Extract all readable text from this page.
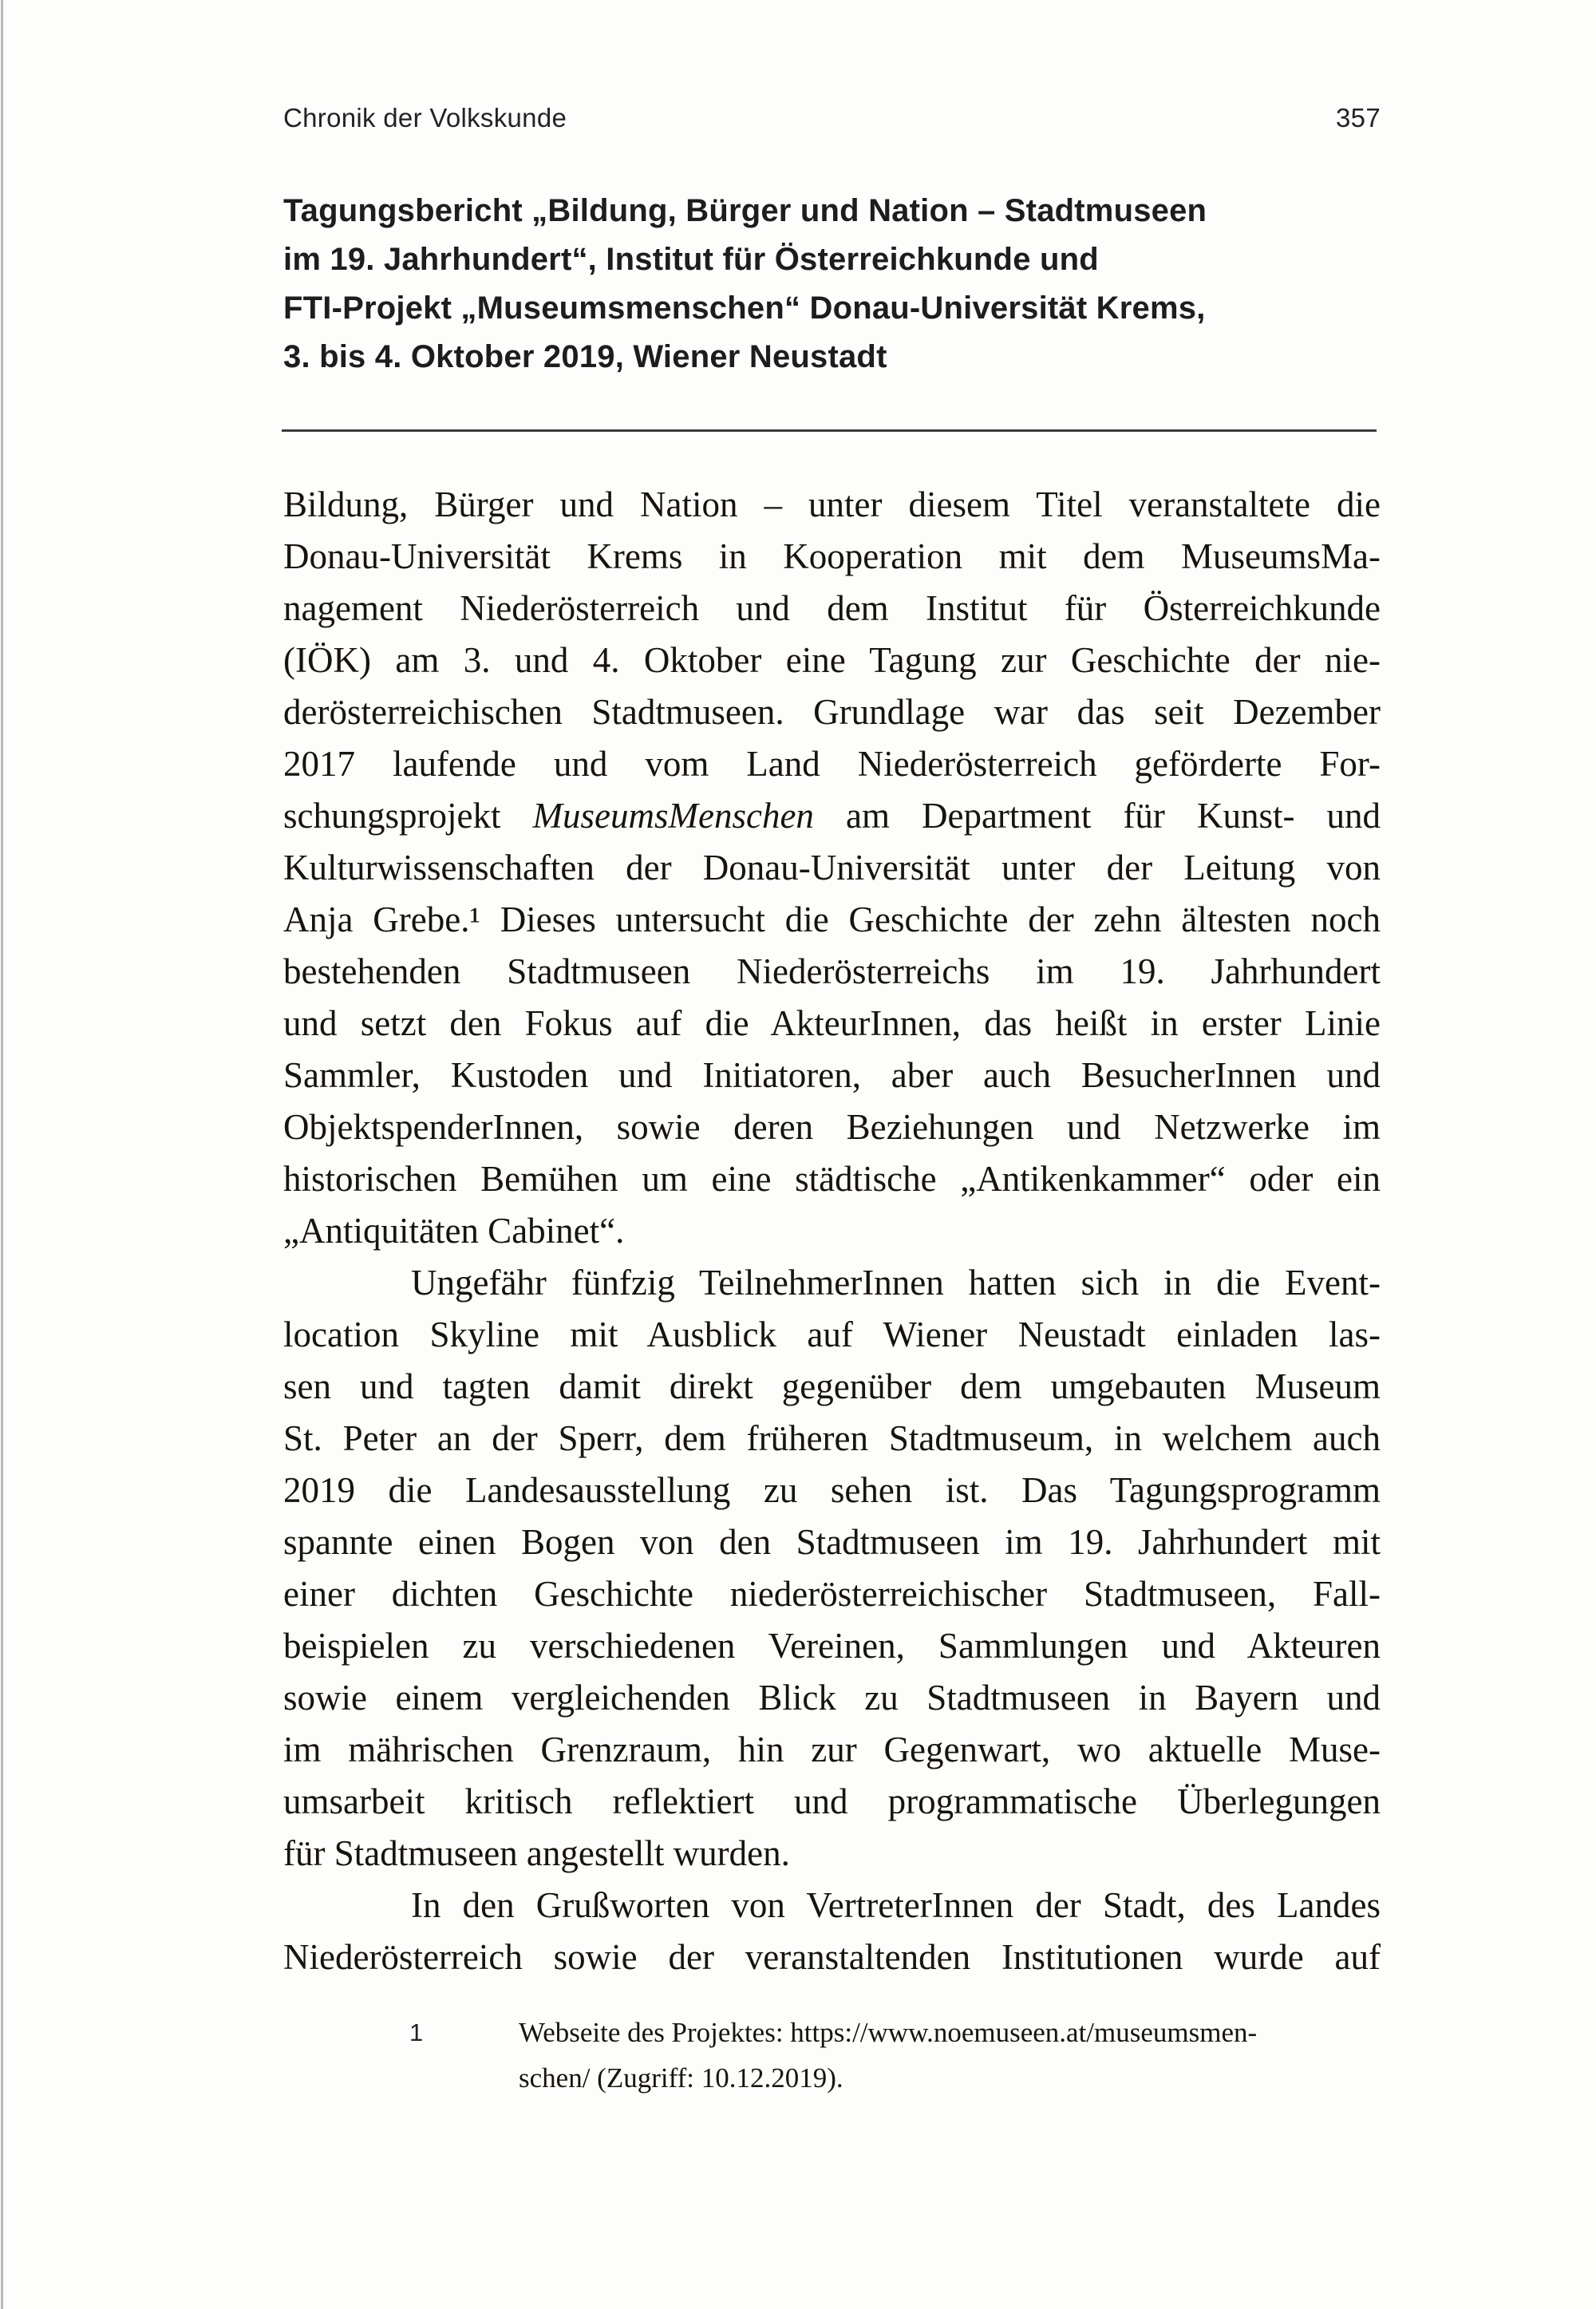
Chronik der Volkskunde	357
Tagungsbericht „Bildung, Bürger und Nation – Stadtmuseen
im 19. Jahrhundert“, Institut für Österreichkunde und
FTI-Projekt „Museumsmenschen“ Donau-Universität Krems,
3. bis 4. Oktober 2019, Wiener Neustadt
Bildung, Bürger und Nation – unter diesem Titel veranstaltete die
Donau-Universität Krems in Kooperation mit dem MuseumsMa-
nagement Niederösterreich und dem Institut für Österreichkunde
(IÖK) am 3. und 4. Oktober eine Tagung zur Geschichte der nie-
derösterreichischen Stadtmuseen. Grundlage war das seit Dezember
2017 laufende und vom Land Niederösterreich geförderte For-
schungsprojekt MuseumsMenschen am Department für Kunst- und
Kulturwissenschaften der Donau-Universität unter der Leitung von
Anja Grebe.¹ Dieses untersucht die Geschichte der zehn ältesten noch
bestehenden Stadtmuseen Niederösterreichs im 19. Jahrhundert
und setzt den Fokus auf die AkteurInnen, das heißt in erster Linie
Sammler, Kustoden und Initiatoren, aber auch BesucherInnen und
ObjektspenderInnen, sowie deren Beziehungen und Netzwerke im
historischen Bemühen um eine städtische „Antikenkammer“ oder ein
„Antiquitäten Cabinet“.
Ungefähr fünfzig TeilnehmerInnen hatten sich in die Event-
location Skyline mit Ausblick auf Wiener Neustadt einladen las-
sen und tagten damit direkt gegenüber dem umgebauten Museum
St. Peter an der Sperr, dem früheren Stadtmuseum, in welchem auch
2019 die Landesausstellung zu sehen ist. Das Tagungsprogramm
spannte einen Bogen von den Stadtmuseen im 19. Jahrhundert mit
einer dichten Geschichte niederösterreichischer Stadtmuseen, Fall-
beispielen zu verschiedenen Vereinen, Sammlungen und Akteuren
sowie einem vergleichenden Blick zu Stadtmuseen in Bayern und
im mährischen Grenzraum, hin zur Gegenwart, wo aktuelle Muse-
umsarbeit kritisch reflektiert und programmatische Überlegungen
für Stadtmuseen angestellt wurden.
In den Grußworten von VertreterInnen der Stadt, des Landes
Niederösterreich sowie der veranstaltenden Institutionen wurde auf
1	Webseite des Projektes: https://www.noemuseen.at/museumsmen-
schen/ (Zugriff: 10.12.2019).
